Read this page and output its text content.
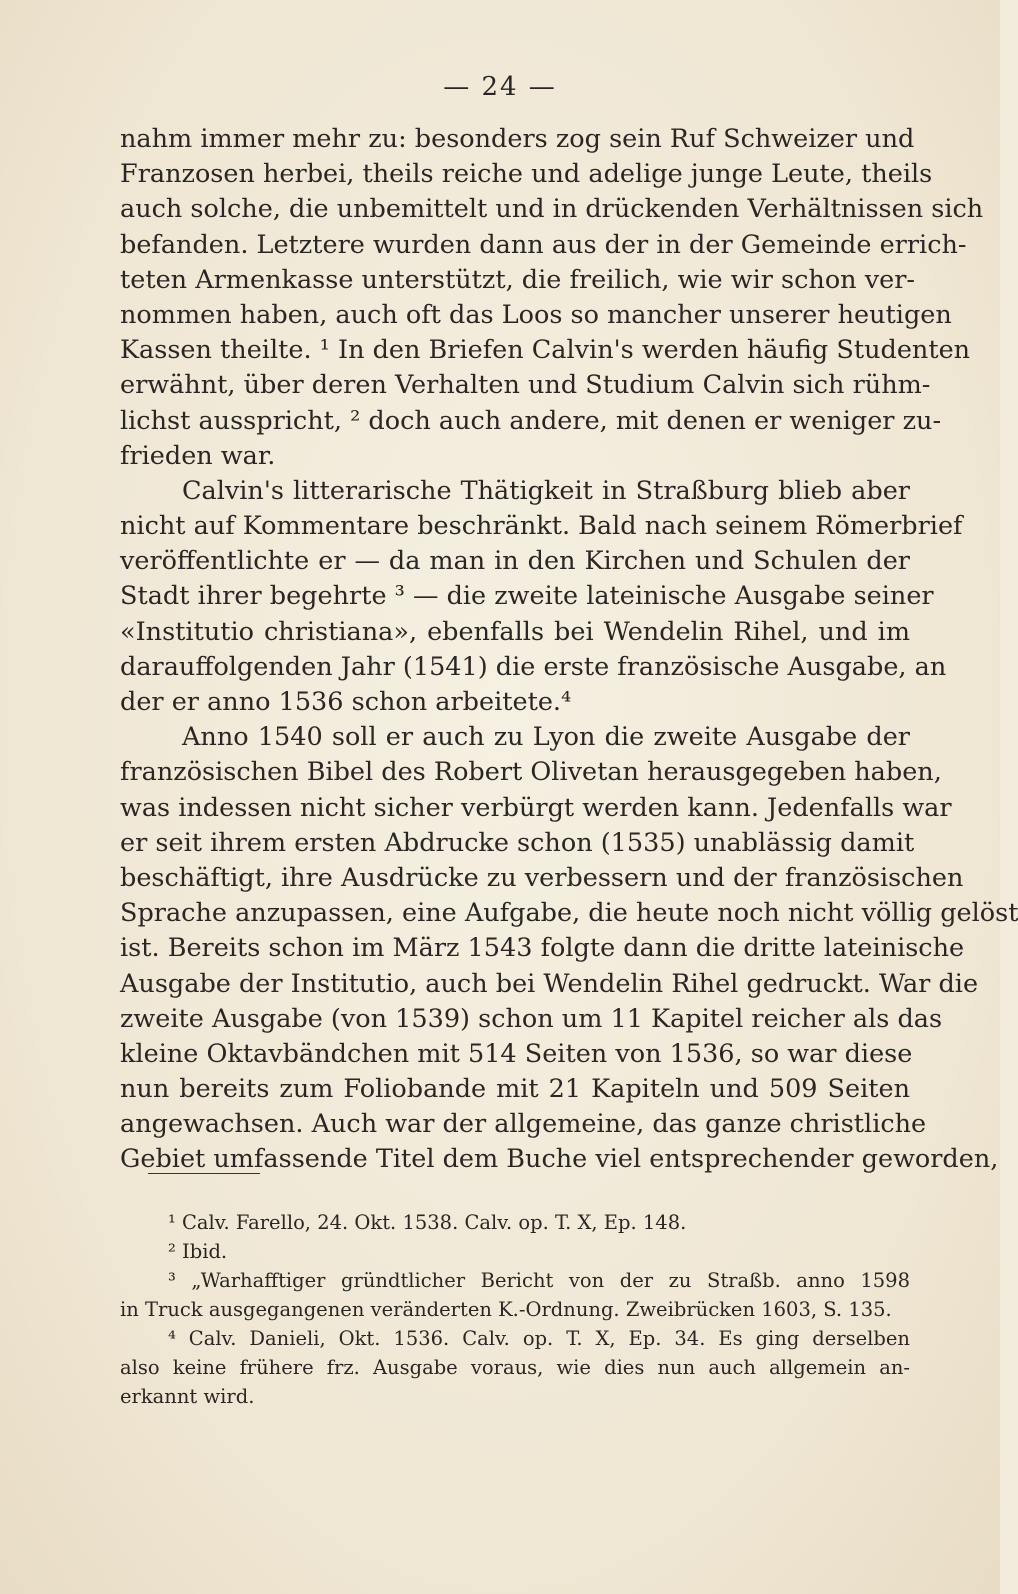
— 24 —
nahm immer mehr zu: besonders zog sein Ruf Schweizer und
Franzosen herbei, theils reiche und adelige junge Leute, theils
auch solche, die unbemittelt und in drückenden Verhältnissen sich
befanden. Letztere wurden dann aus der in der Gemeinde errich-
teten Armenkasse unterstützt, die freilich, wie wir schon ver-
nommen haben, auch oft das Loos so mancher unserer heutigen
Kassen theilte. ¹ In den Briefen Calvin's werden häufig Studenten
erwähnt, über deren Verhalten und Studium Calvin sich rühm-
lichst ausspricht, ² doch auch andere, mit denen er weniger zu-
frieden war.
Calvin's litterarische Thätigkeit in Straßburg blieb aber
nicht auf Kommentare beschränkt. Bald nach seinem Römerbrief
veröffentlichte er — da man in den Kirchen und Schulen der
Stadt ihrer begehrte ³ — die zweite lateinische Ausgabe seiner
«Institutio christiana», ebenfalls bei Wendelin Rihel, und im
darauffolgenden Jahr (1541) die erste französische Ausgabe, an
der er anno 1536 schon arbeitete.⁴
Anno 1540 soll er auch zu Lyon die zweite Ausgabe der
französischen Bibel des Robert Olivetan herausgegeben haben,
was indessen nicht sicher verbürgt werden kann. Jedenfalls war
er seit ihrem ersten Abdrucke schon (1535) unablässig damit
beschäftigt, ihre Ausdrücke zu verbessern und der französischen
Sprache anzupassen, eine Aufgabe, die heute noch nicht völlig gelöst
ist. Bereits schon im März 1543 folgte dann die dritte lateinische
Ausgabe der Institutio, auch bei Wendelin Rihel gedruckt. War die
zweite Ausgabe (von 1539) schon um 11 Kapitel reicher als das
kleine Oktavbändchen mit 514 Seiten von 1536, so war diese
nun bereits zum Foliobande mit 21 Kapiteln und 509 Seiten
angewachsen. Auch war der allgemeine, das ganze christliche
Gebiet umfassende Titel dem Buche viel entsprechender geworden,
¹ Calv. Farello, 24. Okt. 1538. Calv. op. T. X, Ep. 148.
² Ibid.
³ „Warhafftiger gründtlicher Bericht von der zu Straßb. anno 1598
in Truck ausgegangenen veränderten K.-Ordnung. Zweibrücken 1603, S. 135.
⁴ Calv. Danieli, Okt. 1536. Calv. op. T. X, Ep. 34. Es ging derselben
also keine frühere frz. Ausgabe voraus, wie dies nun auch allgemein an-
erkannt wird.
